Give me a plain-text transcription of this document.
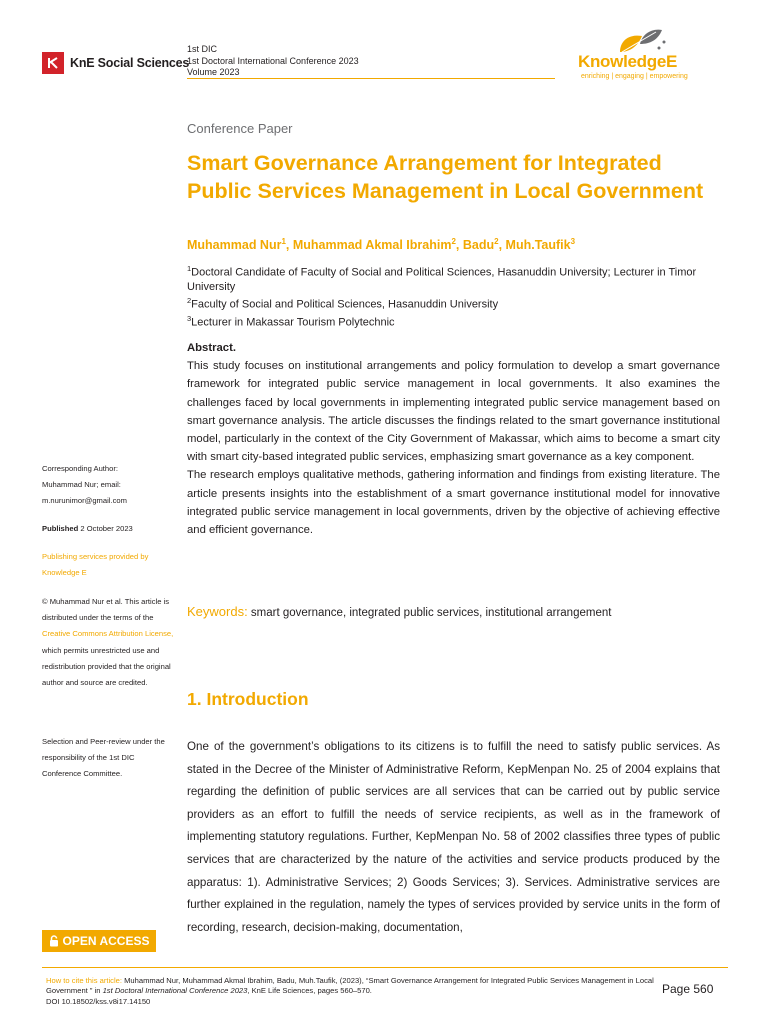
KnE Social Sciences
1st DIC
1st Doctoral International Conference 2023
Volume 2023
KnowledgeE
enriching | engaging | empowering
Conference Paper
Smart Governance Arrangement for Integrated Public Services Management in Local Government
Muhammad Nur$^1$, Muhammad Akmal Ibrahim$^2$, Badu$^2$, Muh.Taufik$^3$
$^1$Doctoral Candidate of Faculty of Social and Political Sciences, Hasanuddin University; Lecturer in Timor University
$^2$Faculty of Social and Political Sciences, Hasanuddin University
$^3$Lecturer in Makassar Tourism Polytechnic

Abstract.

This study focuses on institutional arrangements and policy formulation to develop a smart governance framework for integrated public service management in local governments. It also examines the challenges faced by local governments in implementing integrated public service management based on smart governance analysis. The article discusses the findings related to the smart governance institutional model, particularly in the context of the City Government of Makassar, which aims to become a smart city with smart city-based integrated public services, emphasizing smart governance as a key component.

The research employs qualitative methods, gathering information and findings from existing literature. The article presents insights into the establishment of a smart governance institutional model for innovative integrated public service management in local governments, driven by the objective of achieving effective and efficient governance.

Keywords: smart governance, integrated public services, institutional arrangement
1. Introduction
One of the government’s obligations to its citizens is to fulfill the need to satisfy public services. As stated in the Decree of the Minister of Administrative Reform, KepMenpan No. 25 of 2004 explains that regarding the definition of public services are all services that can be carried out by public service providers as an effort to fulfill the needs of service recipients, as well as in the framework of implementing statutory regulations. Further, KepMenpan No. 58 of 2002 classifies three types of public services that are characterized by the nature of the activities and service products produced by the apparatus: 1). Administrative Services; 2) Goods Services; 3). Services. Administrative services are further explained in the regulation, namely the types of services provided by service units in the form of recording, research, decision-making, documentation,
Corresponding Author:
Muhammad Nur; email:
m.nurunimor@gmail.com
Published 2 October 2023
Publishing services provided by Knowledge E
© Muhammad Nur et al. This article is distributed under the terms of the Creative Commons Attribution License, which permits unrestricted use and redistribution provided that the original author and source are credited.
Selection and Peer-review under the responsibility of the 1st DIC Conference Committee.
OPEN ACCESS
How to cite this article: Muhammad Nur, Muhammad Akmal Ibrahim, Badu, Muh.Taufik, (2023), “Smart Governance Arrangement for Integrated Public Services Management in Local Government ” in 1st Doctoral International Conference 2023, KnE Life Sciences, pages 560–570.
DOI 10.18502/kss.v8i17.14150
Page 560
